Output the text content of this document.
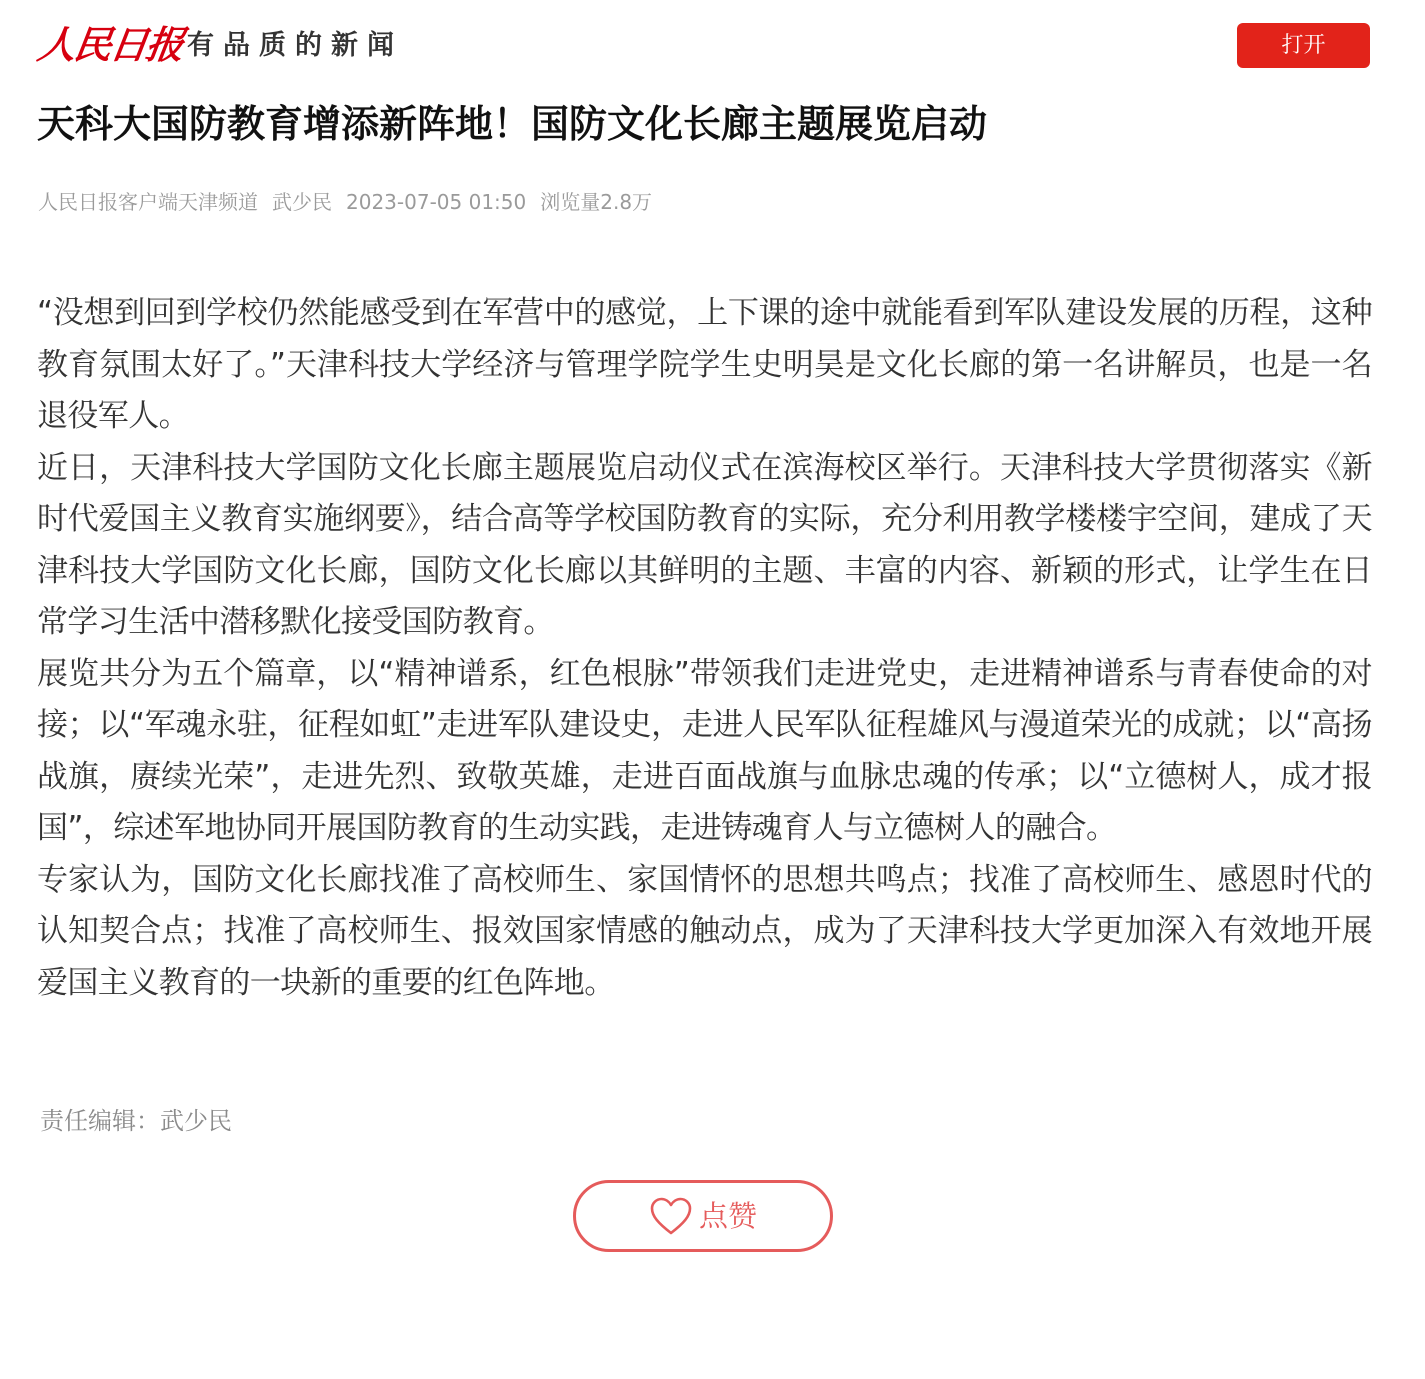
人民日报 有品质的新闻	打开
天科大国防教育增添新阵地！国防文化长廊主题展览启动
人民日报客户端天津频道 武少民 2023-07-05 01:50 浏览量2.8万

“没想到回到学校仍然能感受到在军营中的感觉，上下课的途中就能看到军队建设发展的历程，这种教育氛围太好了。”天津科技大学经济与管理学院学生史明昊是文化长廊的第一名讲解员，也是一名退役军人。

近日，天津科技大学国防文化长廊主题展览启动仪式在滨海校区举行。天津科技大学贯彻落实《新时代爱国主义教育实施纲要》，结合高等学校国防教育的实际，充分利用教学楼楼宇空间，建成了天津科技大学国防文化长廊，国防文化长廊以其鲜明的主题、丰富的内容、新颖的形式，让学生在日常学习生活中潜移默化接受国防教育。

展览共分为五个篇章，以“精神谱系，红色根脉”带领我们走进党史，走进精神谱系与青春使命的对接；以“军魂永驻，征程如虹”走进军队建设史，走进人民军队征程雄风与漫道荣光的成就；以“高扬战旗，赓续光荣”，走进先烈、致敬英雄，走进百面战旗与血脉忠魂的传承；以“立德树人，成才报国”，综述军地协同开展国防教育的生动实践，走进铸魂育人与立德树人的融合。

专家认为，国防文化长廊找准了高校师生、家国情怀的思想共鸣点；找准了高校师生、感恩时代的认知契合点；找准了高校师生、报效国家情感的触动点，成为了天津科技大学更加深入有效地开展爱国主义教育的一块新的重要的红色阵地。

责任编辑：武少民
点赞
